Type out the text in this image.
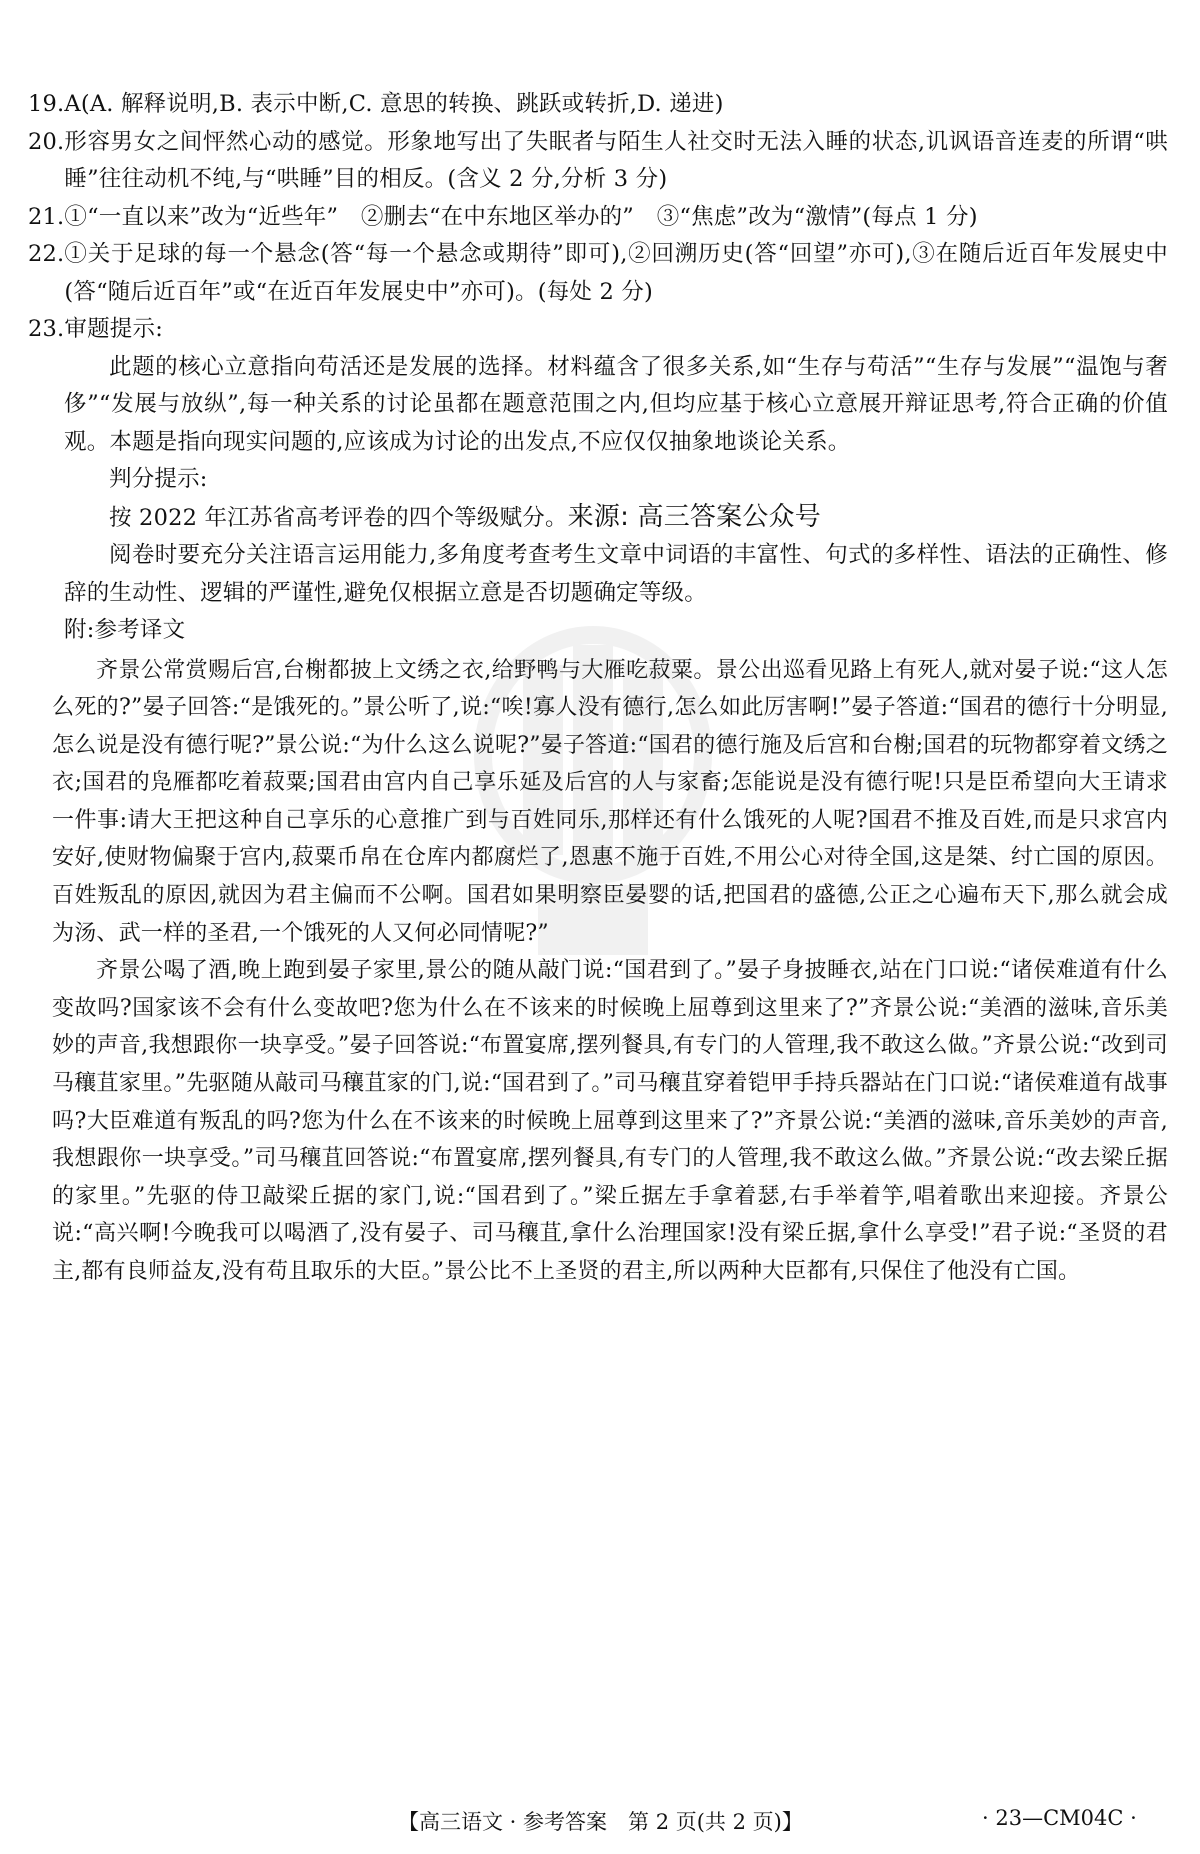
19. A(A. 解释说明,B. 表示中断,C. 意思的转换、跳跃或转折,D. 递进)
20. 形容男女之间怦然心动的感觉。形象地写出了失眠者与陌生人社交时无法入睡的状态,讥讽语音连麦的所谓“哄睡”往往动机不纯,与“哄睡”目的相反。(含义 2 分,分析 3 分)
21. ①“一直以来”改为“近些年”　②删去“在中东地区举办的”　③“焦虑”改为“激情”(每点 1 分)
22. ①关于足球的每一个悬念(答“每一个悬念或期待”即可),②回溯历史(答“回望”亦可),③在随后近百年发展史中(答“随后近百年”或“在近百年发展史中”亦可)。(每处 2 分)
23. 审题提示:
此题的核心立意指向苟活还是发展的选择。材料蕴含了很多关系,如“生存与苟活”“生存与发展”“温饱与奢侈”“发展与放纵”,每一种关系的讨论虽都在题意范围之内,但均应基于核心立意展开辩证思考,符合正确的价值观。本题是指向现实问题的,应该成为讨论的出发点,不应仅仅抽象地谈论关系。
判分提示:
按 2022 年江苏省高考评卷的四个等级赋分。来源: 高三答案公众号
阅卷时要充分关注语言运用能力,多角度考查考生文章中词语的丰富性、句式的多样性、语法的正确性、修辞的生动性、逻辑的严谨性,避免仅根据立意是否切题确定等级。
附:参考译文
齐景公常赏赐后宫,台榭都披上文绣之衣,给野鸭与大雁吃菽粟。景公出巡看见路上有死人,就对晏子说:“这人怎么死的?”晏子回答:“是饿死的。”景公听了,说:“唉!寡人没有德行,怎么如此厉害啊!”晏子答道:“国君的德行十分明显,怎么说是没有德行呢?”景公说:“为什么这么说呢?”晏子答道:“国君的德行施及后宫和台榭;国君的玩物都穿着文绣之衣;国君的凫雁都吃着菽粟;国君由宫内自己享乐延及后宫的人与家畜;怎能说是没有德行呢!只是臣希望向大王请求一件事:请大王把这种自己享乐的心意推广到与百姓同乐,那样还有什么饿死的人呢?国君不推及百姓,而是只求宫内安好,使财物偏聚于宫内,菽粟币帛在仓库内都腐烂了,恩惠不施于百姓,不用公心对待全国,这是桀、纣亡国的原因。百姓叛乱的原因,就因为君主偏而不公啊。国君如果明察臣晏婴的话,把国君的盛德,公正之心遍布天下,那么就会成为汤、武一样的圣君,一个饿死的人又何必同情呢?”
齐景公喝了酒,晚上跑到晏子家里,景公的随从敲门说:“国君到了。”晏子身披睡衣,站在门口说:“诸侯难道有什么变故吗?国家该不会有什么变故吧?您为什么在不该来的时候晚上屈尊到这里来了?”齐景公说:“美酒的滋味,音乐美妙的声音,我想跟你一块享受。”晏子回答说:“布置宴席,摆列餐具,有专门的人管理,我不敢这么做。”齐景公说:“改到司马穰苴家里。”先驱随从敲司马穰苴家的门,说:“国君到了。”司马穰苴穿着铠甲手持兵器站在门口说:“诸侯难道有战事吗?大臣难道有叛乱的吗?您为什么在不该来的时候晚上屈尊到这里来了?”齐景公说:“美酒的滋味,音乐美妙的声音,我想跟你一块享受。”司马穰苴回答说:“布置宴席,摆列餐具,有专门的人管理,我不敢这么做。”齐景公说:“改去梁丘据的家里。”先驱的侍卫敲梁丘据的家门,说:“国君到了。”梁丘据左手拿着瑟,右手举着竽,唱着歌出来迎接。齐景公说:“高兴啊!今晚我可以喝酒了,没有晏子、司马穰苴,拿什么治理国家!没有梁丘据,拿什么享受!”君子说:“圣贤的君主,都有良师益友,没有苟且取乐的大臣。”景公比不上圣贤的君主,所以两种大臣都有,只保住了他没有亡国。
【高三语文 · 参考答案　第 2 页(共 2 页)】	· 23—CM04C ·
